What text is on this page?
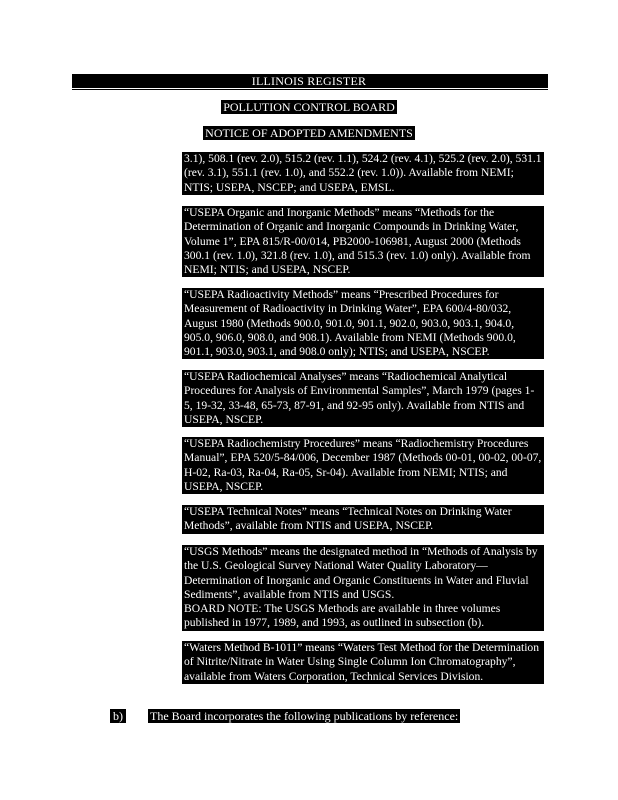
ILLINOIS REGISTER
POLLUTION CONTROL BOARD
NOTICE OF ADOPTED AMENDMENTS

3.1), 508.1 (rev. 2.0), 515.2 (rev. 1.1), 524.2 (rev. 4.1), 525.2 (rev. 2.0), 531.1 (rev. 3.1), 551.1 (rev. 1.0), and 552.2 (rev. 1.0)). Available from NEMI; NTIS; USEPA, NSCEP; and USEPA, EMSL.

“USEPA Organic and Inorganic Methods” means “Methods for the Determination of Organic and Inorganic Compounds in Drinking Water, Volume 1”, EPA 815/R-00/014, PB2000-106981, August 2000 (Methods 300.1 (rev. 1.0), 321.8 (rev. 1.0), and 515.3 (rev. 1.0) only). Available from NEMI; NTIS; and USEPA, NSCEP.

“USEPA Radioactivity Methods” means “Prescribed Procedures for Measurement of Radioactivity in Drinking Water”, EPA 600/4-80/032, August 1980 (Methods 900.0, 901.0, 901.1, 902.0, 903.0, 903.1, 904.0, 905.0, 906.0, 908.0, and 908.1). Available from NEMI (Methods 900.0, 901.1, 903.0, 903.1, and 908.0 only); NTIS; and USEPA, NSCEP.

“USEPA Radiochemical Analyses” means “Radiochemical Analytical Procedures for Analysis of Environmental Samples”, March 1979 (pages 1-5, 19-32, 33-48, 65-73, 87-91, and 92-95 only). Available from NTIS and USEPA, NSCEP.

“USEPA Radiochemistry Procedures” means “Radiochemistry Procedures Manual”, EPA 520/5-84/006, December 1987 (Methods 00-01, 00-02, 00-07, H-02, Ra-03, Ra-04, Ra-05, Sr-04). Available from NEMI; NTIS; and USEPA, NSCEP.

“USEPA Technical Notes” means “Technical Notes on Drinking Water Methods”, available from NTIS and USEPA, NSCEP.

“USGS Methods” means the designated method in “Methods of Analysis by the U.S. Geological Survey National Water Quality Laboratory—Determination of Inorganic and Organic Constituents in Water and Fluvial Sediments”, available from NTIS and USGS.

BOARD NOTE: The USGS Methods are available in three volumes published in 1977, 1989, and 1993, as outlined in subsection (b).

“Waters Method B-1011” means “Waters Test Method for the Determination of Nitrite/Nitrate in Water Using Single Column Ion Chromatography”, available from Waters Corporation, Technical Services Division.

b) The Board incorporates the following publications by reference:
